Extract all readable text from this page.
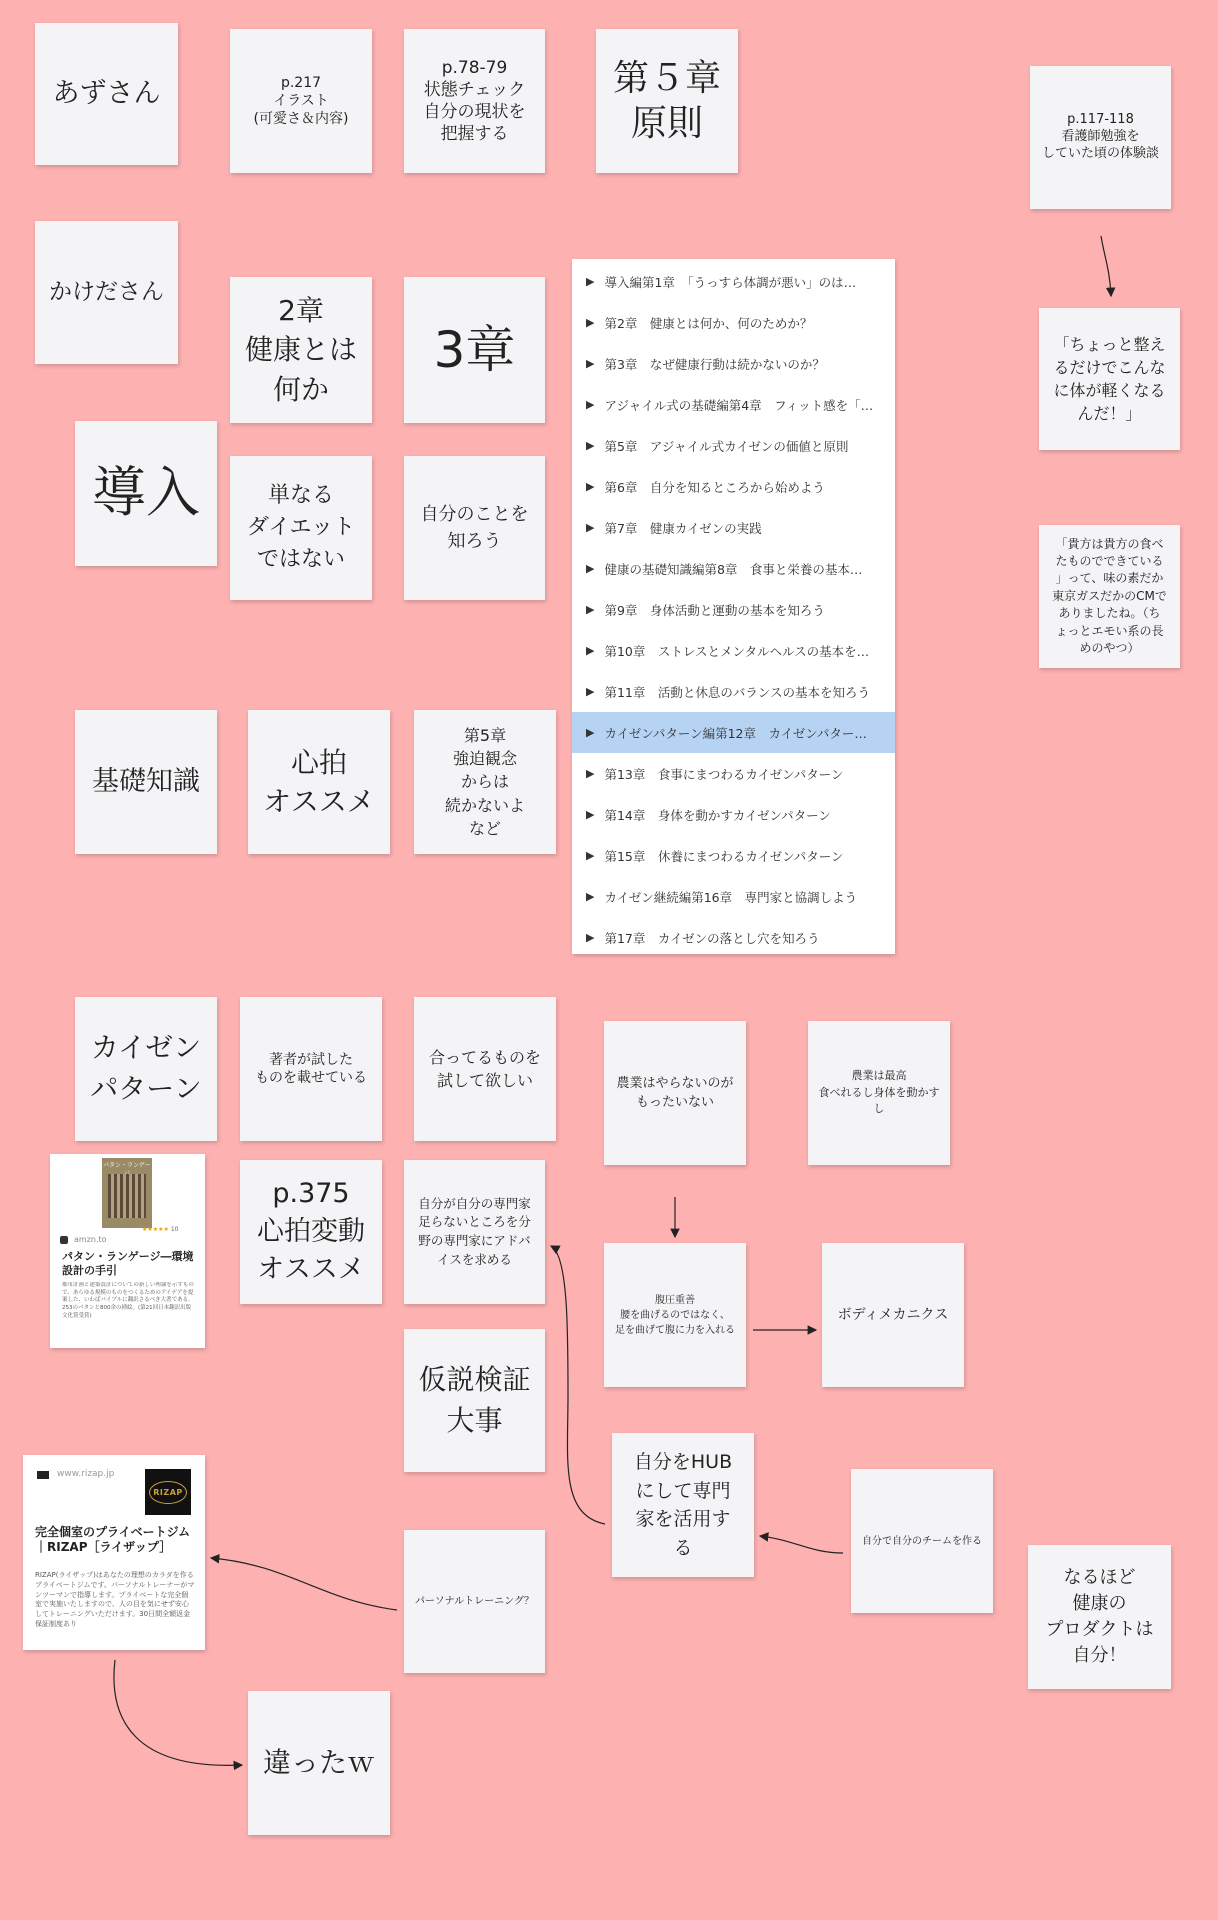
あずさん	p.217
イラスト
(可愛さ＆内容)
p.78-79
状態チェック
自分の現状を
把握する
第５章
原則	p.117-118
看護師勉強を
していた頃の体験談
かけださん
2章
健康とは
何か
3章	「ちょっと整え
るだけでこんな
に体が軽くなる
んだ！」
導入	単なる
ダイエット
ではない
自分のことを
知ろう	「貴方は貴方の食べ
たものでできている
」って、味の素だか
東京ガスだかのCMで
ありましたね。（ち
ょっとエモい系の長
めのやつ）
▶ 導入編第1章　「うっすら体調が悪い」のは…
▶ 第2章　健康とは何か、何のためか？
▶ 第3章　なぜ健康行動は続かないのか？
▶ アジャイル式の基礎編第4章　フィット感を「…
▶ 第5章　アジャイル式カイゼンの価値と原則
▶ 第6章　自分を知るところから始めよう
▶ 第7章　健康カイゼンの実践
▶ 健康の基礎知識編第8章　食事と栄養の基本…
▶ 第9章　身体活動と運動の基本を知ろう
▶ 第10章　ストレスとメンタルヘルスの基本を…
▶ 第11章　活動と休息のバランスの基本を知ろう
▶ カイゼンパターン編第12章　カイゼンパター…
▶ 第13章　食事にまつわるカイゼンパターン
▶ 第14章　身体を動かすカイゼンパターン
▶ 第15章　休養にまつわるカイゼンパターン
▶ カイゼン継続編第16章　専門家と協調しよう
▶ 第17章　カイゼンの落とし穴を知ろう
基礎知識
心拍
オススメ
第5章
強迫観念
からは
続かないよ
など
カイゼン
パターン
著者が試した
ものを載せている
合ってるものを
試して欲しい	農業はやらないのが
もったいない
農業は最高
食べれるし身体を動かすし
パタン・ランゲー
★★★★★ 10
amzn.to
パタン・ランゲージ―環境設計の手引
都市計画と建築設計についての新しい理論を示すもので、あらゆる規模のものをつくるためのアイデアを提案した、いわばバイブルに翻訳さるべき大著である。253のパタンと800余の挿絵。(第21回日本翻訳出版文化賞受賞)
p.375
心拍変動
オススメ
自分が自分の専門家
足らないところを分
野の専門家にアドバ
イスを求める
腹圧重善
腰を曲げるのではなく、
足を曲げて腹に力を入れる
ボディメカニクス
仮説検証
大事
自分をHUB
にして専門
家を活用す
る	自分で自分のチームを作る
www.rizap.jp
RIZAP
完全個室のプライベートジム｜RIZAP［ライザップ］
RIZAP(ライザップ)はあなたの理想のカラダを作るプライベートジムです。パーソナルトレーナーがマンツーマンで指導します。プライベートな完全個室で実施いたしますので、人の目を気にせず安心してトレーニングいただけます。30日間全額返金保証制度あり
パーソナルトレーニング？
なるほど
健康の
プロダクトは
自分！
違ったｗ
